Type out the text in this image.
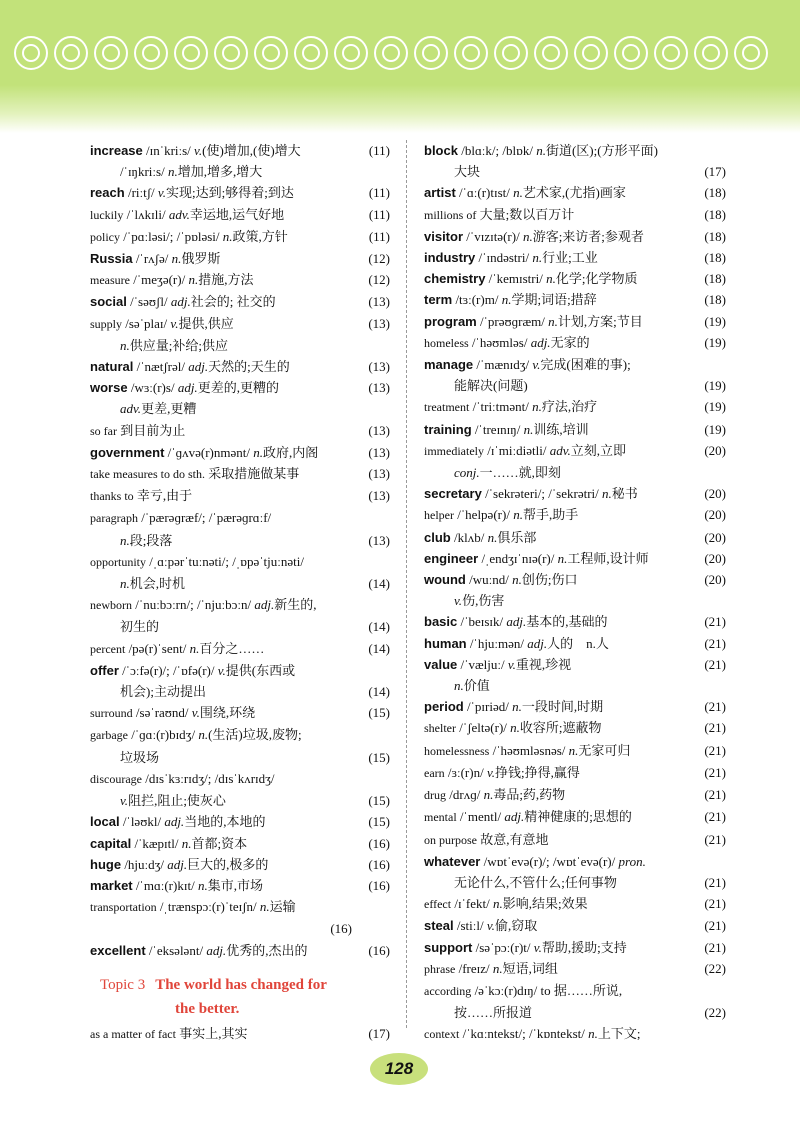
increase /ɪnˈkriːs/ v.(使)增加,(使)增大	(11)
/ˈɪŋkriːs/ n.增加,增多,增大
reach /riːtʃ/ v.实现;达到;够得着;到达	(11)
luckily /ˈlʌkɪli/ adv.幸运地,运气好地	(11)
policy /ˈpɑːləsi/; /ˈpɒləsi/ n.政策,方针	(11)
Russia /ˈrʌʃə/ n.俄罗斯	(12)
measure /ˈmeʒə(r)/ n.措施,方法	(12)
social /ˈsəʊʃl/ adj.社会的; 社交的	(13)
supply /səˈplaɪ/ v.提供,供应	(13)
n.供应量;补给;供应
natural /ˈnætʃrəl/ adj.天然的;天生的	(13)
worse /wɜː(r)s/ adj.更差的,更糟的	(13)
adv.更差,更糟
so far 到目前为止	(13)
government /ˈɡʌvə(r)nmənt/ n.政府,内阁	(13)
take measures to do sth. 采取措施做某事	(13)
thanks to 幸亏,由于	(13)
paragraph /ˈpærəɡræf/; /ˈpærəɡrɑːf/
n.段;段落	(13)
opportunity /ˌɑːpərˈtuːnəti/; /ˌɒpəˈtjuːnəti/
n.机会,时机	(14)
newborn /ˈnuːbɔːrn/; /ˈnjuːbɔːn/ adj.新生的,
初生的	(14)
percent /pə(r)ˈsent/ n.百分之……	(14)
offer /ˈɔːfə(r)/; /ˈɒfə(r)/ v.提供(东西或
机会);主动提出	(14)
surround /səˈraʊnd/ v.围绕,环绕	(15)
garbage /ˈɡɑː(r)bɪdʒ/ n.(生活)垃圾,废物;
垃圾场	(15)
discourage /dɪsˈkɜːrɪdʒ/; /dɪsˈkʌrɪdʒ/
v.阻拦,阻止;使灰心	(15)
local /ˈləʊkl/ adj.当地的,本地的	(15)
capital /ˈkæpɪtl/ n.首都;资本	(16)
huge /hjuːdʒ/ adj.巨大的,极多的	(16)
market /ˈmɑː(r)kɪt/ n.集市,市场	(16)
transportation /ˌtrænspɔː(r)ˈteɪʃn/ n.运输
(16)
excellent /ˈeksələnt/ adj.优秀的,杰出的	(16)
Topic 3 The world has changed for
the better.
as a matter of fact 事实上,其实	(17)
block /blɑːk/; /blɒk/ n.街道(区);(方形平面)
大块	(17)
artist /ˈɑː(r)tɪst/ n.艺术家,(尤指)画家	(18)
millions of 大量;数以百万计	(18)
visitor /ˈvɪzɪtə(r)/ n.游客;来访者;参观者	(18)
industry /ˈɪndəstri/ n.行业;工业	(18)
chemistry /ˈkemɪstri/ n.化学;化学物质	(18)
term /tɜː(r)m/ n.学期;词语;措辞	(18)
program /ˈprəʊɡræm/ n.计划,方案;节目	(19)
homeless /ˈhəʊmləs/ adj.无家的	(19)
manage /ˈmænɪdʒ/ v.完成(困难的事);
能解决(问题)	(19)
treatment /ˈtriːtmənt/ n.疗法,治疗	(19)
training /ˈtreɪnɪŋ/ n.训练,培训	(19)
immediately /ɪˈmiːdiətli/ adv.立刻,立即	(20)
conj.一……就,即刻
secretary /ˈsekrəteri/; /ˈsekrətri/ n.秘书	(20)
helper /ˈhelpə(r)/ n.帮手,助手	(20)
club /klʌb/ n.俱乐部	(20)
engineer /ˌendʒɪˈnɪə(r)/ n.工程师,设计师	(20)
wound /wuːnd/ n.创伤;伤口	(20)
v.伤,伤害
basic /ˈbeɪsɪk/ adj.基本的,基础的	(21)
human /ˈhjuːmən/ adj.人的　n.人	(21)
value /ˈvæljuː/ v.重视,珍视	(21)
n.价值
period /ˈpɪriəd/ n.一段时间,时期	(21)
shelter /ˈʃeltə(r)/ n.收容所;遮蔽物	(21)
homelessness /ˈhəʊmləsnəs/ n.无家可归	(21)
earn /ɜː(r)n/ v.挣钱;挣得,赢得	(21)
drug /drʌɡ/ n.毒品;药,药物	(21)
mental /ˈmentl/ adj.精神健康的;思想的	(21)
on purpose 故意,有意地	(21)
whatever /wɒtˈevə(r)/; /wɒtˈevə(r)/ pron.
无论什么,不管什么;任何事物	(21)
effect /ɪˈfekt/ n.影响,结果;效果	(21)
steal /stiːl/ v.偷,窃取	(21)
support /səˈpɔː(r)t/ v.帮助,援助;支持	(21)
phrase /freɪz/ n.短语,词组	(22)
according /əˈkɔː(r)dɪŋ/ to 据……所说,
按……所报道	(22)
context /ˈkɑːntekst/; /ˈkɒntekst/ n.上下文;
128
